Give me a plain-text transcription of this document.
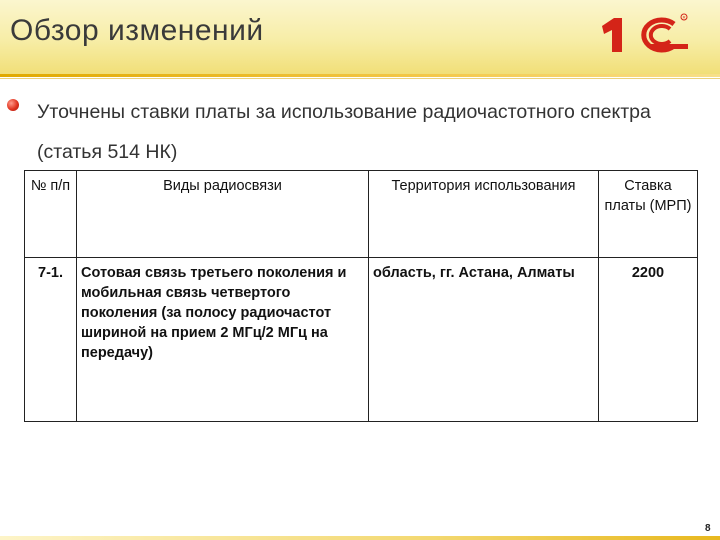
Обзор изменений	R
Уточнены ставки платы за использование радиочастотного спектра (статья 514 НК)
№ п/п	Виды радиосвязи	Территория использования	Ставка платы (МРП)
7-1.	Сотовая связь третьего поколения и мобильная связь четвертого поколения (за полосу радиочастот шириной на прием 2 МГц/2 МГц на передачу)	область, гг. Астана, Алматы	2200
8
